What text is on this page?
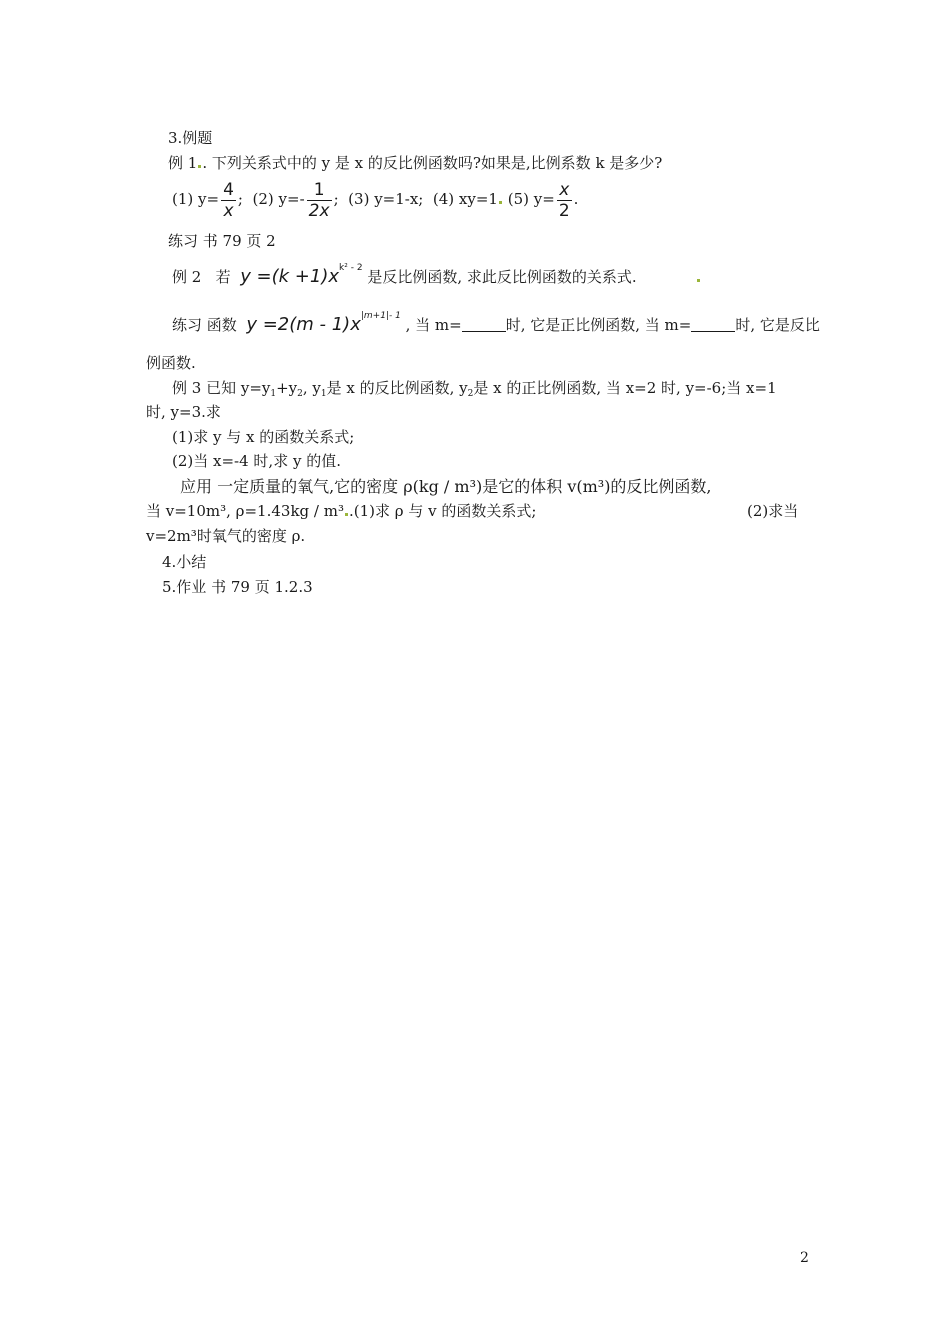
3.例题
例 1 . 下列关系式中的 y 是 x 的反比例函数吗?如果是,比例系数 k 是多少?
(1) $y= \frac{4}{x}$ ; (2) $y=- \frac{1}{2x}$ ; (3) y=1-x; (4) xy=1 (5) $y= \frac{x}{2}$ .
练习 书 79 页 2
例 2 若 $y =(k +1)x^{k^2 - 2}$ 是反比例函数, 求此反比例函数的关系式.
练习 函数 $y =2(m - 1)x^{|m+1|- 1}$ , 当 m=	时, 它是正比例函数, 当 m=	时, 它是反比
例函数.
例 3 已知 $y=y_1+y_2$, $y_1$是 x 的反比例函数, $y_2$是 x 的正比例函数, 当 x=2 时, y=-6;当 x=1
时, y=3.求
(1)求 y 与 x 的函数关系式;
(2)当 x=-4 时,求 y 的值.
应用 一定质量的氧气,它的密度 ρ(kg / m³)是它的体积 v(m³)的反比例函数,
当 v=10m³, ρ=1.43kg / m³ .(1)求 ρ 与 v 的函数关系式;	(2)求当
v=2m³时氧气的密度 ρ.
4.小结
5.作业 书 79 页 1.2.3
2
